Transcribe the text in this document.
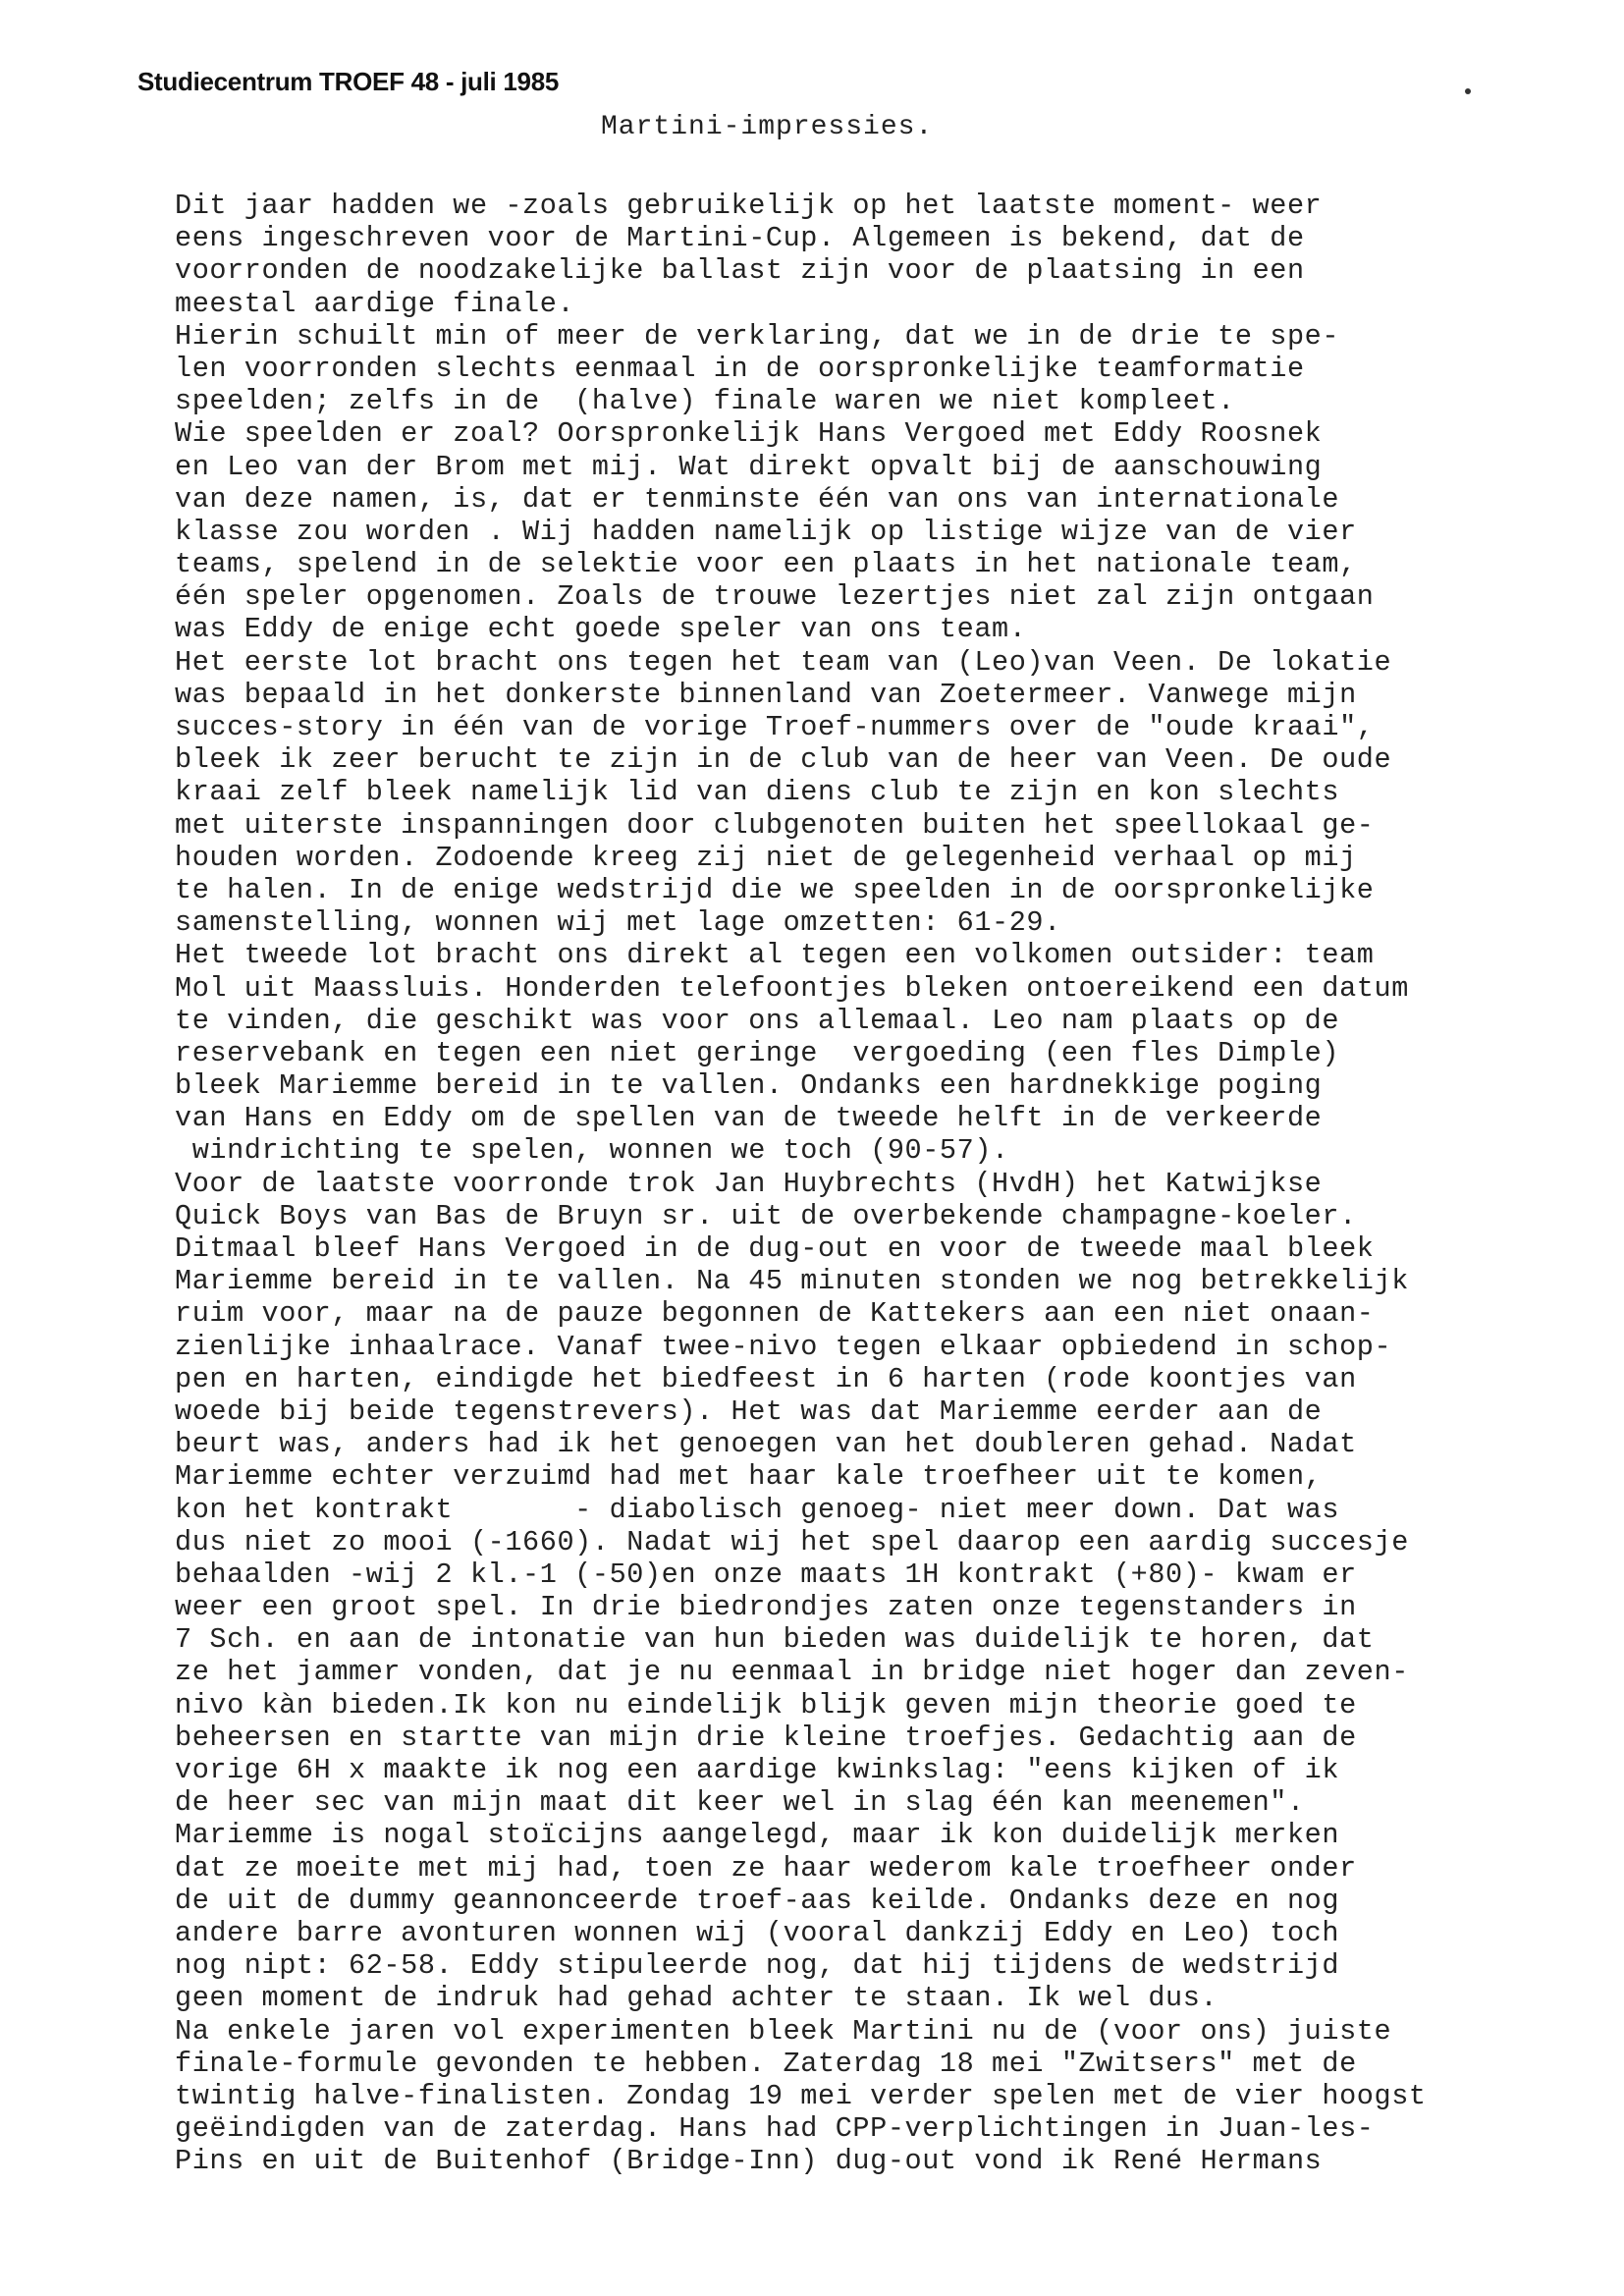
Studiecentrum TROEF 48 - juli 1985
Martini-impressies.
Dit jaar hadden we -zoals gebruikelijk op het laatste moment- weer
eens ingeschreven voor de Martini-Cup. Algemeen is bekend, dat de
voorronden de noodzakelijke ballast zijn voor de plaatsing in een
meestal aardige finale.
Hierin schuilt min of meer de verklaring, dat we in de drie te spe-
len voorronden slechts eenmaal in de oorspronkelijke teamformatie
speelden; zelfs in de  (halve) finale waren we niet kompleet.
Wie speelden er zoal? Oorspronkelijk Hans Vergoed met Eddy Roosnek
en Leo van der Brom met mij. Wat direkt opvalt bij de aanschouwing
van deze namen, is, dat er tenminste één van ons van internationale
klasse zou worden . Wij hadden namelijk op listige wijze van de vier
teams, spelend in de selektie voor een plaats in het nationale team,
één speler opgenomen. Zoals de trouwe lezertjes niet zal zijn ontgaan
was Eddy de enige echt goede speler van ons team.
Het eerste lot bracht ons tegen het team van (Leo)van Veen. De lokatie
was bepaald in het donkerste binnenland van Zoetermeer. Vanwege mijn
succes-story in één van de vorige Troef-nummers over de "oude kraai",
bleek ik zeer berucht te zijn in de club van de heer van Veen. De oude
kraai zelf bleek namelijk lid van diens club te zijn en kon slechts
met uiterste inspanningen door clubgenoten buiten het speellokaal ge-
houden worden. Zodoende kreeg zij niet de gelegenheid verhaal op mij
te halen. In de enige wedstrijd die we speelden in de oorspronkelijke
samenstelling, wonnen wij met lage omzetten: 61-29.
Het tweede lot bracht ons direkt al tegen een volkomen outsider: team
Mol uit Maassluis. Honderden telefoontjes bleken ontoereikend een datum
te vinden, die geschikt was voor ons allemaal. Leo nam plaats op de
reservebank en tegen een niet geringe  vergoeding (een fles Dimple)
bleek Mariemme bereid in te vallen. Ondanks een hardnekkige poging
van Hans en Eddy om de spellen van de tweede helft in de verkeerde
windrichting te spelen, wonnen we toch (90-57).
Voor de laatste voorronde trok Jan Huybrechts (HvdH) het Katwijkse
Quick Boys van Bas de Bruyn sr. uit de overbekende champagne-koeler.
Ditmaal bleef Hans Vergoed in de dug-out en voor de tweede maal bleek
Mariemme bereid in te vallen. Na 45 minuten stonden we nog betrekkelijk
ruim voor, maar na de pauze begonnen de Kattekers aan een niet onaan-
zienlijke inhaalrace. Vanaf twee-nivo tegen elkaar opbiedend in schop-
pen en harten, eindigde het biedfeest in 6 harten (rode koontjes van
woede bij beide tegenstrevers). Het was dat Mariemme eerder aan de
beurt was, anders had ik het genoegen van het doubleren gehad. Nadat
Mariemme echter verzuimd had met haar kale troefheer uit te komen,
kon het kontrakt       - diabolisch genoeg- niet meer down. Dat was
dus niet zo mooi (-1660). Nadat wij het spel daarop een aardig succesje
behaalden -wij 2 kl.-1 (-50)en onze maats 1H kontrakt (+80)- kwam er
weer een groot spel. In drie biedrondjes zaten onze tegenstanders in
7 Sch. en aan de intonatie van hun bieden was duidelijk te horen, dat
ze het jammer vonden, dat je nu eenmaal in bridge niet hoger dan zeven-
nivo kàn bieden.Ik kon nu eindelijk blijk geven mijn theorie goed te
beheersen en startte van mijn drie kleine troefjes. Gedachtig aan de
vorige 6H x maakte ik nog een aardige kwinkslag: "eens kijken of ik
de heer sec van mijn maat dit keer wel in slag één kan meenemen".
Mariemme is nogal stoïcijns aangelegd, maar ik kon duidelijk merken
dat ze moeite met mij had, toen ze haar wederom kale troefheer onder
de uit de dummy geannonceerde troef-aas keilde. Ondanks deze en nog
andere barre avonturen wonnen wij (vooral dankzij Eddy en Leo) toch
nog nipt: 62-58. Eddy stipuleerde nog, dat hij tijdens de wedstrijd
geen moment de indruk had gehad achter te staan. Ik wel dus.
Na enkele jaren vol experimenten bleek Martini nu de (voor ons) juiste
finale-formule gevonden te hebben. Zaterdag 18 mei "Zwitsers" met de
twintig halve-finalisten. Zondag 19 mei verder spelen met de vier hoogst
geëindigden van de zaterdag. Hans had CPP-verplichtingen in Juan-les-
Pins en uit de Buitenhof (Bridge-Inn) dug-out vond ik René Hermans
